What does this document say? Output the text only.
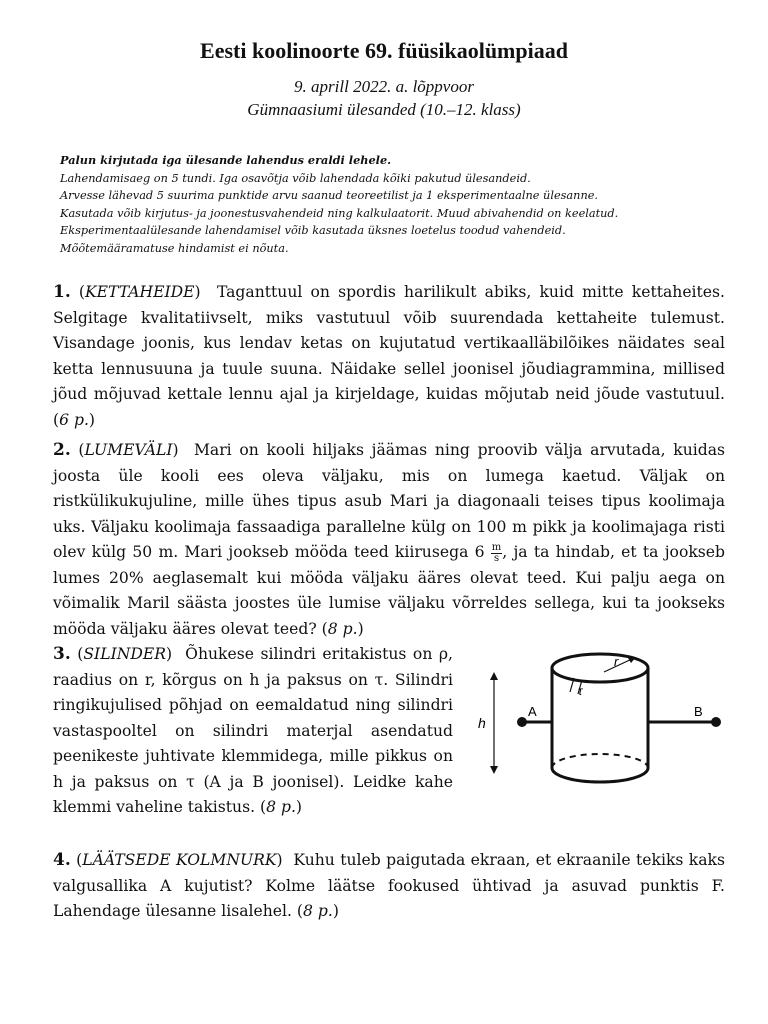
Eesti koolinoorte 69. füüsikaolümpiaad
9. aprill 2022. a. lõppvoor
Gümnaasiumi ülesanded (10.–12. klass)
Palun kirjutada iga ülesande lahendus eraldi lehele.
Lahendamisaeg on 5 tundi. Iga osavõtja võib lahendada kõiki pakutud ülesandeid.
Arvesse lähevad 5 suurima punktide arvu saanud teoreetilist ja 1 eksperimentaalne ülesanne.
Kasutada võib kirjutus- ja joonestusvahendeid ning kalkulaatorit. Muud abivahendid on keelatud.
Eksperimentaalülesande lahendamisel võib kasutada üksnes loetelus toodud vahendeid.
Mõõtemääramatuse hindamist ei nõuta.
1. (KETTAHEIDE)  Taganttuul on spordis harilikult abiks, kuid mitte kettaheites. Selgitage kvalitatiivselt, miks vastutuul võib suurendada kettaheite tulemust. Visandage joonis, kus lendav ketas on kujutatud vertikaalläbilõikes näidates seal ketta lennusuuna ja tuule suuna. Näidake sellel joonisel jõudiagrammina, millised jõud mõjuvad kettale lennu ajal ja kirjeldage, kuidas mõjutab neid jõude vastutuul. (6 p.)
2. (LUMEVÄLI)  Mari on kooli hiljaks jäämas ning proovib välja arvutada, kuidas joosta üle kooli ees oleva väljaku, mis on lumega kaetud. Väljak on ristkülikukujuline, mille ühes tipus asub Mari ja diagonaali teises tipus koolimaja uks. Väljaku koolimaja fassaadiga parallelne külg on 100 m pikk ja koolimajaga risti olev külg 50 m. Mari jookseb mööda teed kiirusega $6 \frac{m}{s}$ , ja ta hindab, et ta jookseb lumes 20% aeglasemalt kui mööda väljaku ääres olevat teed. Kui palju aega on võimalik Maril säästa joostes üle lumise väljaku võrreldes sellega, kui ta jookseks mööda väljaku ääres olevat teed? (8 p.)
3. (SILINDER)  Õhukese silindri eritakistus on ρ, raadius on r, kõrgus on h ja paksus on τ. Silindri ringikujulised põhjad on eemaldatud ning silindri vastaspooltel on silindri materjal asendatud peenikeste juhtivate klemmidega, mille pikkus on h ja paksus on τ (A ja B joonisel). Leidke kahe klemmi vaheline takistus. (8 p.)
r
τ
A	B
h
4. (LÄÄTSEDE KOLMNURK)  Kuhu tuleb paigutada ekraan, et ekraanile tekiks kaks valgusallika A kujutist? Kolme läätse fookused ühtivad ja asuvad punktis F. Lahendage ülesanne lisalehel. (8 p.)
